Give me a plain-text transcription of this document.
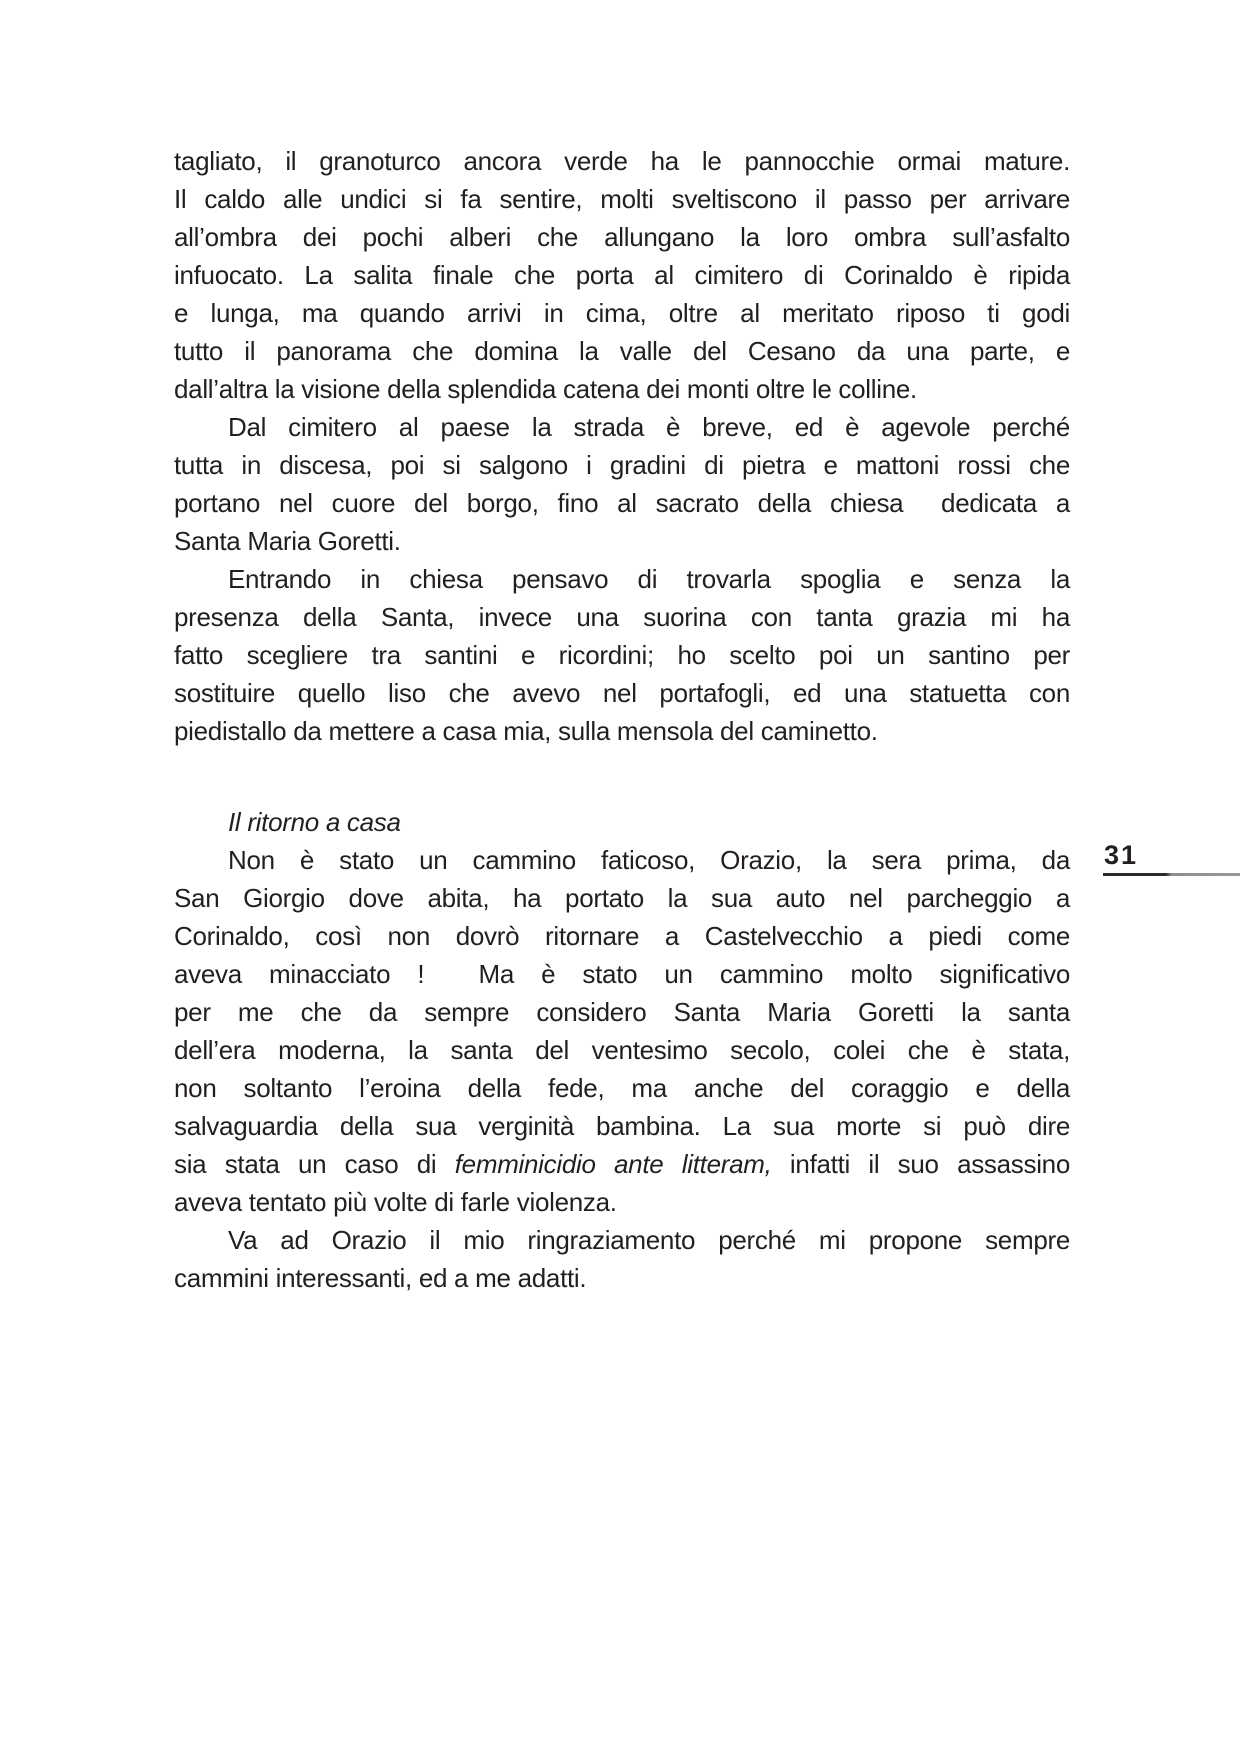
tagliato, il granoturco ancora verde ha le pannocchie ormai mature.
Il caldo alle undici si fa sentire, molti sveltiscono il passo per arrivare
all’ombra dei pochi alberi che allungano la loro ombra sull’asfalto
infuocato. La salita finale che porta al cimitero di Corinaldo è ripida
e lunga, ma quando arrivi in cima, oltre al meritato riposo ti godi
tutto il panorama che domina la valle del Cesano da una parte, e
dall’altra la visione della splendida catena dei monti oltre le colline.
Dal cimitero al paese la strada è breve, ed è agevole perché
tutta in discesa, poi si salgono i gradini di pietra e mattoni rossi che
portano nel cuore del borgo, fino al sacrato della chiesa  dedicata a
Santa Maria Goretti.
Entrando in chiesa pensavo di trovarla spoglia e senza la
presenza della Santa, invece una suorina con tanta grazia mi ha
fatto scegliere tra santini e ricordini; ho scelto poi un santino per
sostituire quello liso che avevo nel portafogli, ed una statuetta con
piedistallo da mettere a casa mia, sulla mensola del caminetto.
Il ritorno a casa
Non è stato un cammino faticoso, Orazio, la sera prima, da
San Giorgio dove abita, ha portato la sua auto nel parcheggio a
Corinaldo, così non dovrò ritornare a Castelvecchio a piedi come
aveva minacciato !  Ma è stato un cammino molto significativo
per me che da sempre considero Santa Maria Goretti la santa
dell’era moderna, la santa del ventesimo secolo, colei che è stata,
non soltanto l’eroina della fede, ma anche del coraggio e della
salvaguardia della sua verginità bambina. La sua morte si può dire
sia stata un caso di femminicidio ante litteram, infatti il suo assassino
aveva tentato più volte di farle violenza.
Va ad Orazio il mio ringraziamento perché mi propone sempre
cammini interessanti, ed a me adatti.
31
